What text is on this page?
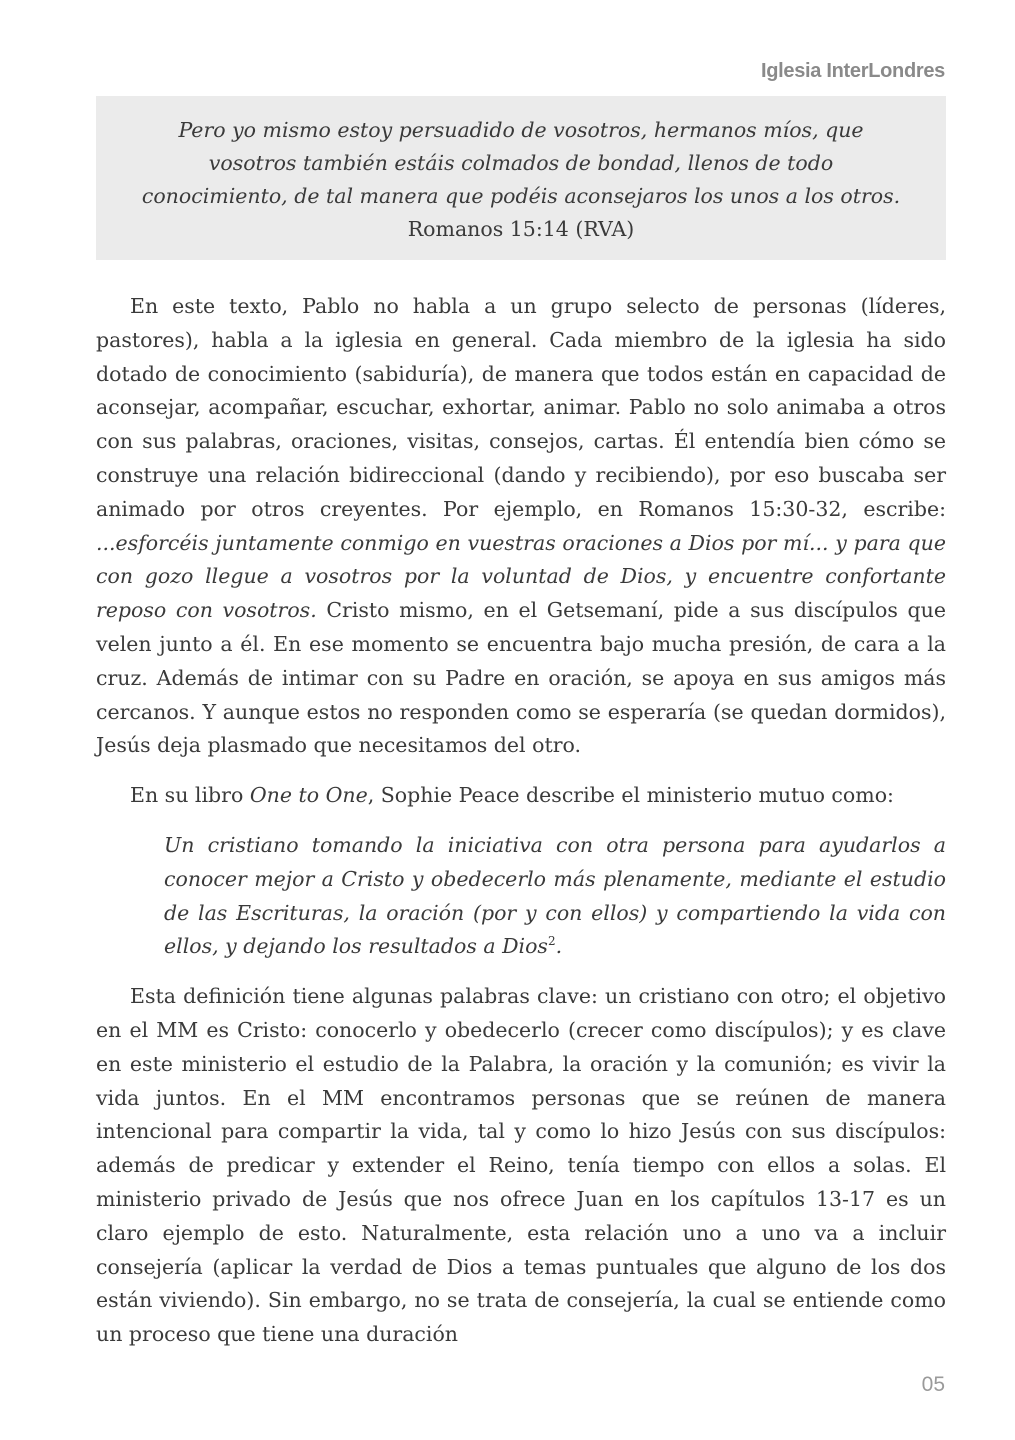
Iglesia InterLondres
Pero yo mismo estoy persuadido de vosotros, hermanos míos, que vosotros también estáis colmados de bondad, llenos de todo conocimiento, de tal manera que podéis aconsejaros los unos a los otros.
Romanos 15:14 (RVA)

En este texto, Pablo no habla a un grupo selecto de personas (líderes, pastores), habla a la iglesia en general. Cada miembro de la iglesia ha sido dotado de conocimiento (sabiduría), de manera que todos están en capacidad de aconsejar, acompañar, escuchar, exhortar, animar. Pablo no solo animaba a otros con sus palabras, oraciones, visitas, consejos, cartas. Él entendía bien cómo se construye una relación bidireccional (dando y recibiendo), por eso buscaba ser animado por otros creyentes. Por ejemplo, en Romanos 15:30-32, escribe: ...esforcéis juntamente conmigo en vuestras oraciones a Dios por mí... y para que con gozo llegue a vosotros por la voluntad de Dios, y encuentre confortante reposo con vosotros. Cristo mismo, en el Getsemaní, pide a sus discípulos que velen junto a él. En ese momento se encuentra bajo mucha presión, de cara a la cruz. Además de intimar con su Padre en oración, se apoya en sus amigos más cercanos. Y aunque estos no responden como se esperaría (se quedan dormidos), Jesús deja plasmado que necesitamos del otro.

En su libro One to One, Sophie Peace describe el ministerio mutuo como:

Un cristiano tomando la iniciativa con otra persona para ayudarlos a conocer mejor a Cristo y obedecerlo más plenamente, mediante el estudio de las Escrituras, la oración (por y con ellos) y compartiendo la vida con ellos, y dejando los resultados a Dios$^2$.

Esta definición tiene algunas palabras clave: un cristiano con otro; el objetivo en el MM es Cristo: conocerlo y obedecerlo (crecer como discípulos); y es clave en este ministerio el estudio de la Palabra, la oración y la comunión; es vivir la vida juntos. En el MM encontramos personas que se reúnen de manera intencional para compartir la vida, tal y como lo hizo Jesús con sus discípulos: además de predicar y extender el Reino, tenía tiempo con ellos a solas. El ministerio privado de Jesús que nos ofrece Juan en los capítulos 13-17 es un claro ejemplo de esto. Naturalmente, esta relación uno a uno va a incluir consejería (aplicar la verdad de Dios a temas puntuales que alguno de los dos están viviendo). Sin embargo, no se trata de consejería, la cual se entiende como un proceso que tiene una duración

05
